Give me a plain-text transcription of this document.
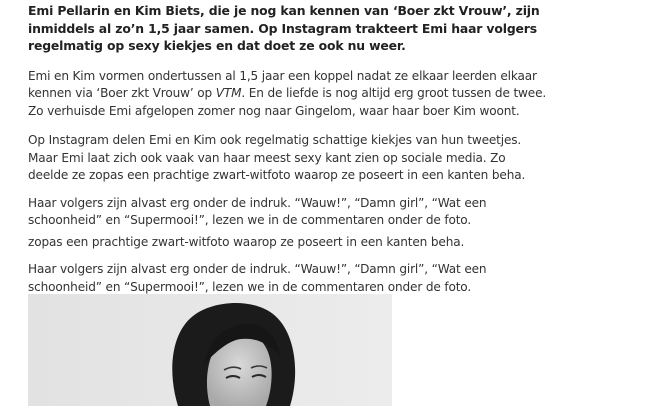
Emi Pellarin en Kim Biets, die je nog kan kennen van ‘Boer zkt Vrouw’, zijn inmiddels al zo’n 1,5 jaar samen. Op Instagram trakteert Emi haar volgers regelmatig op sexy kiekjes en dat doet ze ook nu weer.

Emi en Kim vormen ondertussen al 1,5 jaar een koppel nadat ze elkaar leerden elkaar kennen via ‘Boer zkt Vrouw’ op VTM. En de liefde is nog altijd erg groot tussen de twee. Zo verhuisde Emi afgelopen zomer nog naar Gingelom, waar haar boer Kim woont.

Op Instagram delen Emi en Kim ook regelmatig schattige kiekjes van hun tweetjes. Maar Emi laat zich ook vaak van haar meest sexy kant zien op sociale media. Zo deelde ze zopas een prachtige zwart-witfoto waarop ze poseert in een kanten beha.

Haar volgers zijn alvast erg onder de indruk. “Wauw!”, “Damn girl”, “Wat een schoonheid” en “Supermooi!”, lezen we in de commentaren onder de foto.

zopas een prachtige zwart-witfoto waarop ze poseert in een kanten beha.

Haar volgers zijn alvast erg onder de indruk. “Wauw!”, “Damn girl”, “Wat een schoonheid” en “Supermooi!”, lezen we in de commentaren onder de foto.
